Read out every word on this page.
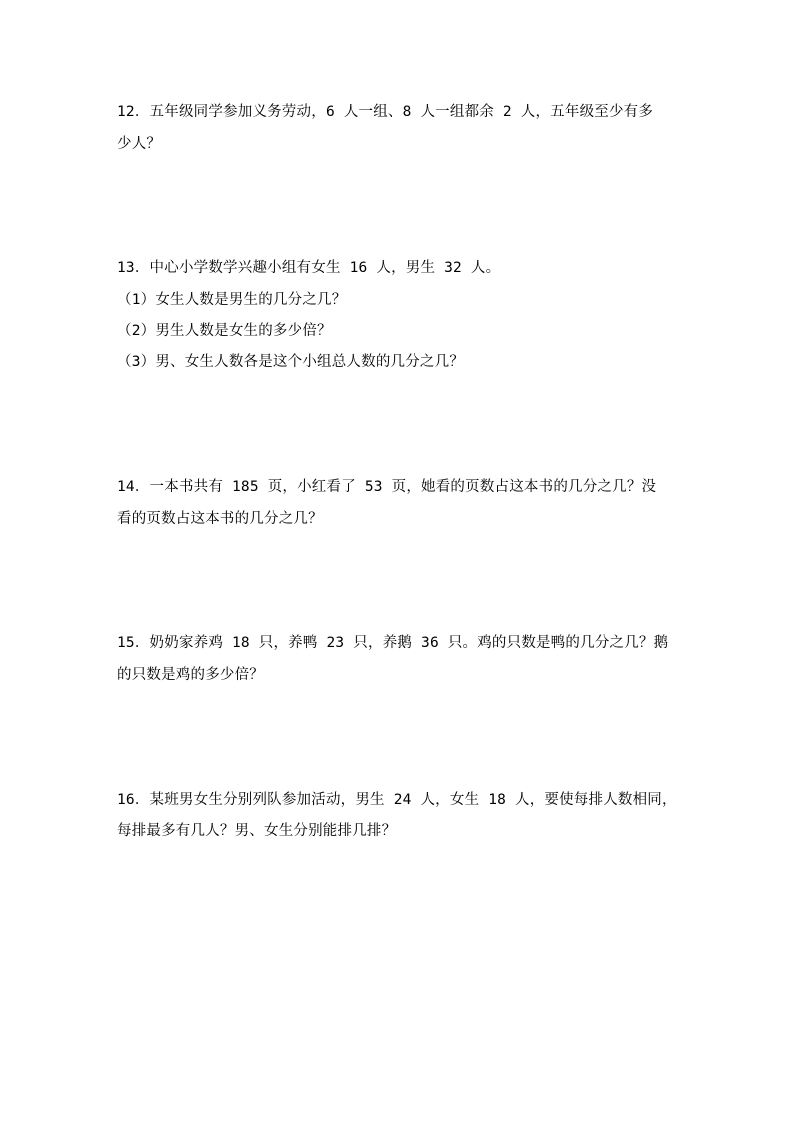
12．五年级同学参加义务劳动，6 人一组、8 人一组都余 2 人，五年级至少有多
少人？
13．中心小学数学兴趣小组有女生 16 人，男生 32 人。
（1）女生人数是男生的几分之几？
（2）男生人数是女生的多少倍？
（3）男、女生人数各是这个小组总人数的几分之几？
14．一本书共有 185 页，小红看了 53 页，她看的页数占这本书的几分之几？没
看的页数占这本书的几分之几？
15．奶奶家养鸡 18 只，养鸭 23 只，养鹅 36 只。鸡的只数是鸭的几分之几？鹅
的只数是鸡的多少倍？
16．某班男女生分别列队参加活动，男生 24 人，女生 18 人，要使每排人数相同，
每排最多有几人？男、女生分别能排几排？
